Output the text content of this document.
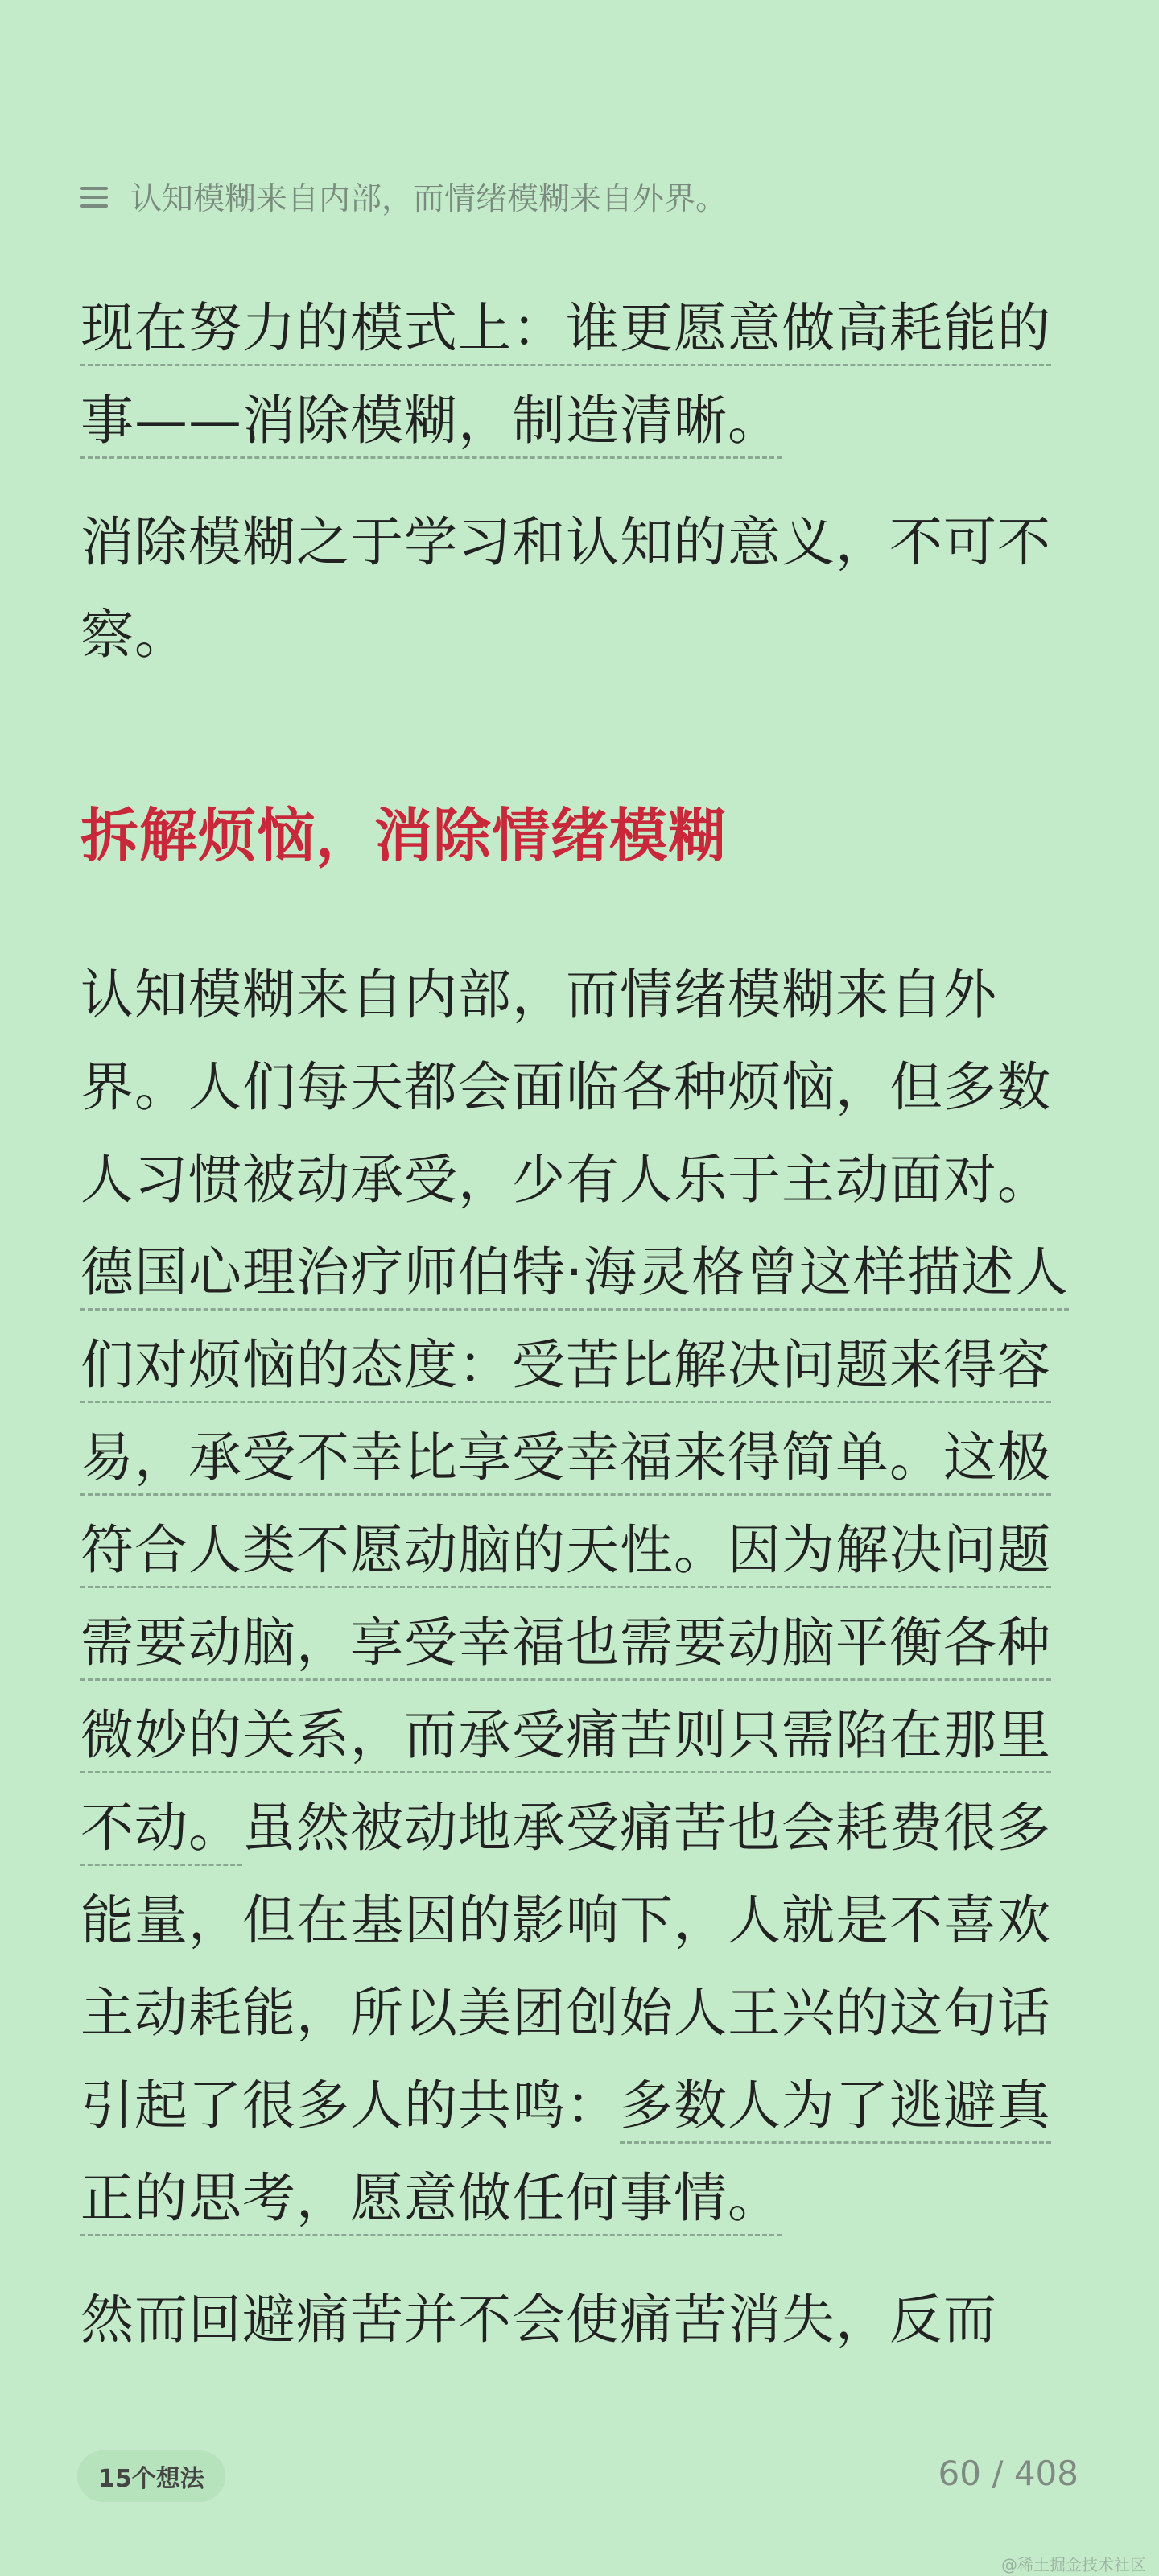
认知模糊来自内部，而情绪模糊来自外界。

现在努力的模式上：谁更愿意做高耗能的事——消除模糊，制造清晰。

消除模糊之于学习和认知的意义，不可不察。

拆解烦恼，消除情绪模糊

认知模糊来自内部，而情绪模糊来自外界。人们每天都会面临各种烦恼，但多数人习惯被动承受，少有人乐于主动面对。德国心理治疗师伯特·海灵格曾这样描述人们对烦恼的态度：受苦比解决问题来得容易，承受不幸比享受幸福来得简单。这极符合人类不愿动脑的天性。因为解决问题需要动脑，享受幸福也需要动脑平衡各种微妙的关系，而承受痛苦则只需陷在那里不动。虽然被动地承受痛苦也会耗费很多能量，但在基因的影响下，人就是不喜欢主动耗能，所以美团创始人王兴的这句话引起了很多人的共鸣：多数人为了逃避真正的思考，愿意做任何事情。

然而回避痛苦并不会使痛苦消失，反而

15个想法	60 / 408
@稀土掘金技术社区
